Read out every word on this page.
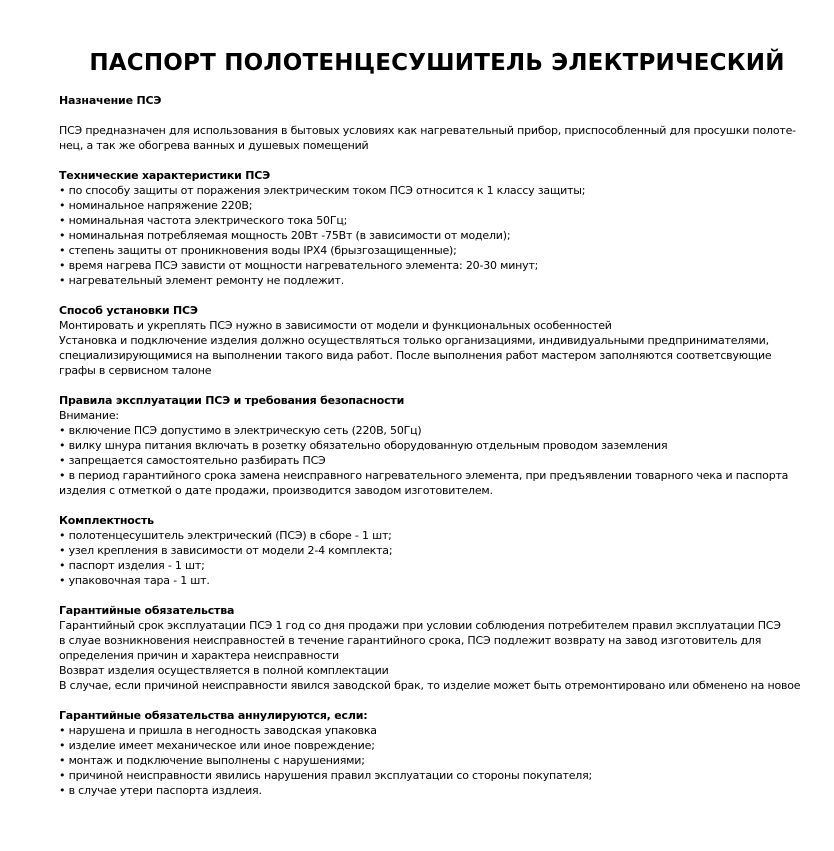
ПАСПОРТ ПОЛОТЕНЦЕСУШИТЕЛЬ ЭЛЕКТРИЧЕСКИЙ
Назначение ПСЭ
ПСЭ предназначен для использования в бытовых условиях как нагревательный прибор, приспособленный для просушки полоте-
нец, а так же обогрева ванных и душевых помещений
Технические характеристики ПСЭ
• по способу защиты от поражения электрическим током ПСЭ относится к 1 классу защиты;
• номинальное напряжение 220В;
• номинальная частота электрического тока 50Гц;
• номинальная потребляемая мощность 20Вт -75Вт (в зависимости от модели);
• степень защиты от проникновения воды IPX4 (брызгозащищенные);
• время нагрева ПСЭ зависти от мощности нагревательного элемента: 20-30 минут;
• нагревательный элемент ремонту не подлежит.
Способ установки ПСЭ
Монтировать и укреплять ПСЭ нужно в зависимости от модели и функциональных особенностей
Установка и подключение изделия должно осуществляться только организациями, индивидуальными предпринимателями,
специализирующимися на выполнении такого вида работ. После выполнения работ мастером заполняются соответсвующие
графы в сервисном талоне
Правила эксплуатации ПСЭ и требования безопасности
Внимание:
• включение ПСЭ допустимо в электрическую сеть (220В, 50Гц)
• вилку шнура питания включать в розетку обязательно оборудованную отдельным проводом заземления
• запрещается самостоятельно разбирать ПСЭ
• в период гарантийного срока замена неисправного нагревательного элемента, при предъявлении товарного чека и паспорта
изделия с отметкой о дате продажи, производится заводом изготовителем.
Комплектность
• полотенцесушитель электрический (ПСЭ) в сборе - 1 шт;
• узел крепления в зависимости от модели 2-4 комплекта;
• паспорт изделия - 1 шт;
• упаковочная тара - 1 шт.
Гарантийные обязательства
Гарантийный срок эксплуатации ПСЭ 1 год со дня продажи при условии соблюдения потребителем правил эксплуатации ПСЭ
в слуае возникновения неисправностей в течение гарантийного срока, ПСЭ подлежит возврату на завод изготовитель для
определения причин и характера неисправности
Возврат изделия осуществляется в полной комплектации
В случае, если причиной неисправности явился заводской брак, то изделие может быть отремонтировано или обменено на новое
Гарантийные обязательства аннулируются, если:
• нарушена и пришла в негодность заводская упаковка
• изделие имеет механическое или иное повреждение;
• монтаж и подключение выполнены с нарушениями;
• причиной неисправности явились нарушения правил эксплуатации со стороны покупателя;
• в случае утери паспорта издлеия.
